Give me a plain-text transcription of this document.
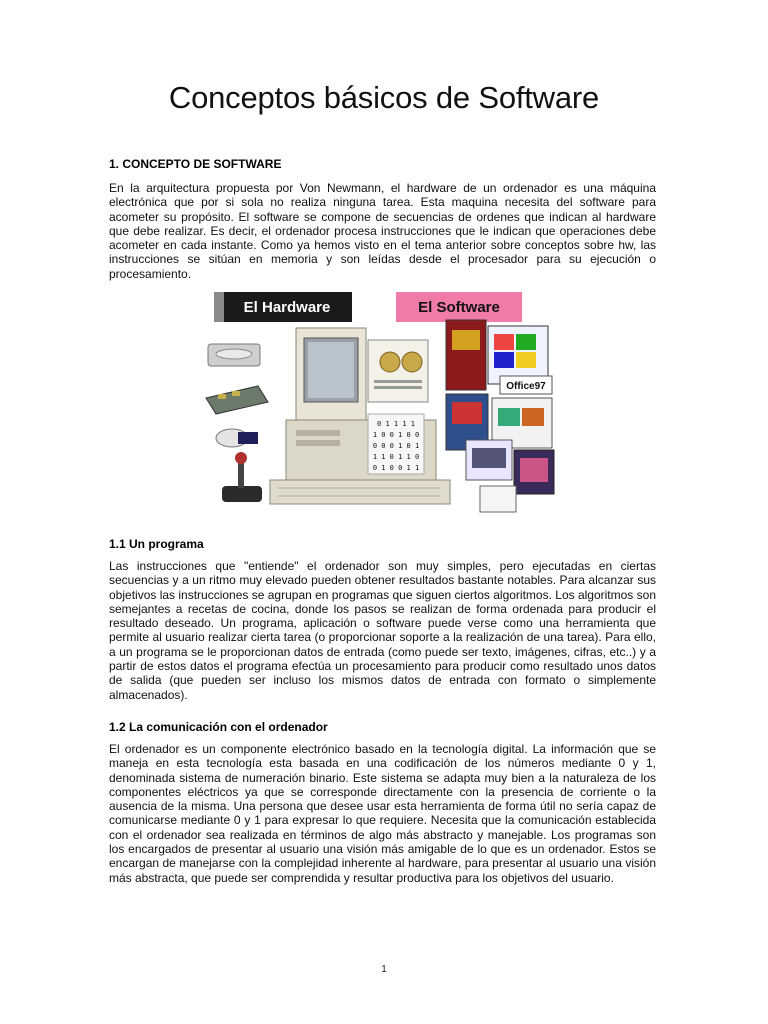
Conceptos básicos de Software
1. CONCEPTO DE SOFTWARE

En la arquitectura propuesta por Von Newmann, el hardware de un ordenador es una máquina electrónica que por si sola no realiza ninguna tarea. Esta maquina necesita del software para acometer su propósito. El software se compone de secuencias de ordenes que indican al hardware que debe realizar. Es decir, el ordenador procesa instrucciones que le indican que operaciones debe acometer en cada instante. Como ya hemos visto en el tema anterior sobre conceptos sobre hw, las instrucciones se sitúan en memoria y son leídas desde el procesador para su ejecución o procesamiento.

El Hardware	El Software
0 1 1 1 1
1 0 0 1 0 0
0 0 0 1 0 1
1 1 0 1 1 0
0 1 0 0 1 1
Office97
1.1 Un programa

Las instrucciones que "entiende" el ordenador son muy simples, pero ejecutadas en ciertas secuencias y a un ritmo muy elevado pueden obtener resultados bastante notables. Para alcanzar sus objetivos las instrucciones se agrupan en programas que siguen ciertos algoritmos. Los algoritmos son semejantes a recetas de cocina, donde los pasos se realizan de forma ordenada para producir el resultado deseado. Un programa, aplicación o software puede verse como una herramienta que permite al usuario realizar cierta tarea (o proporcionar soporte a la realización de una tarea). Para ello, a un programa se le proporcionan datos de entrada (como puede ser texto, imágenes, cifras, etc..) y a partir de estos datos el programa efectúa un procesamiento para producir como resultado unos datos de salida (que pueden ser incluso los mismos datos de entrada con formato o simplemente almacenados).

1.2 La comunicación con el ordenador

El ordenador es un componente electrónico basado en la tecnología digital. La información que se maneja en esta tecnología esta basada en una codificación de los números mediante 0 y 1, denominada sistema de numeración binario. Este sistema se adapta muy bien a la naturaleza de los componentes eléctricos ya que se corresponde directamente con la presencia de corriente o la ausencia de la misma. Una persona que desee usar esta herramienta de forma útil no sería capaz de comunicarse mediante 0 y 1 para expresar lo que requiere. Necesita que la comunicación establecida con el ordenador sea realizada en términos de algo más abstracto y manejable. Los programas son los encargados de presentar al usuario una visión más amigable de lo que es un ordenador. Estos se encargan de manejarse con la complejidad inherente al hardware, para presentar al usuario una visión más abstracta, que puede ser comprendida y resultar productiva para los objetivos del usuario.

1
